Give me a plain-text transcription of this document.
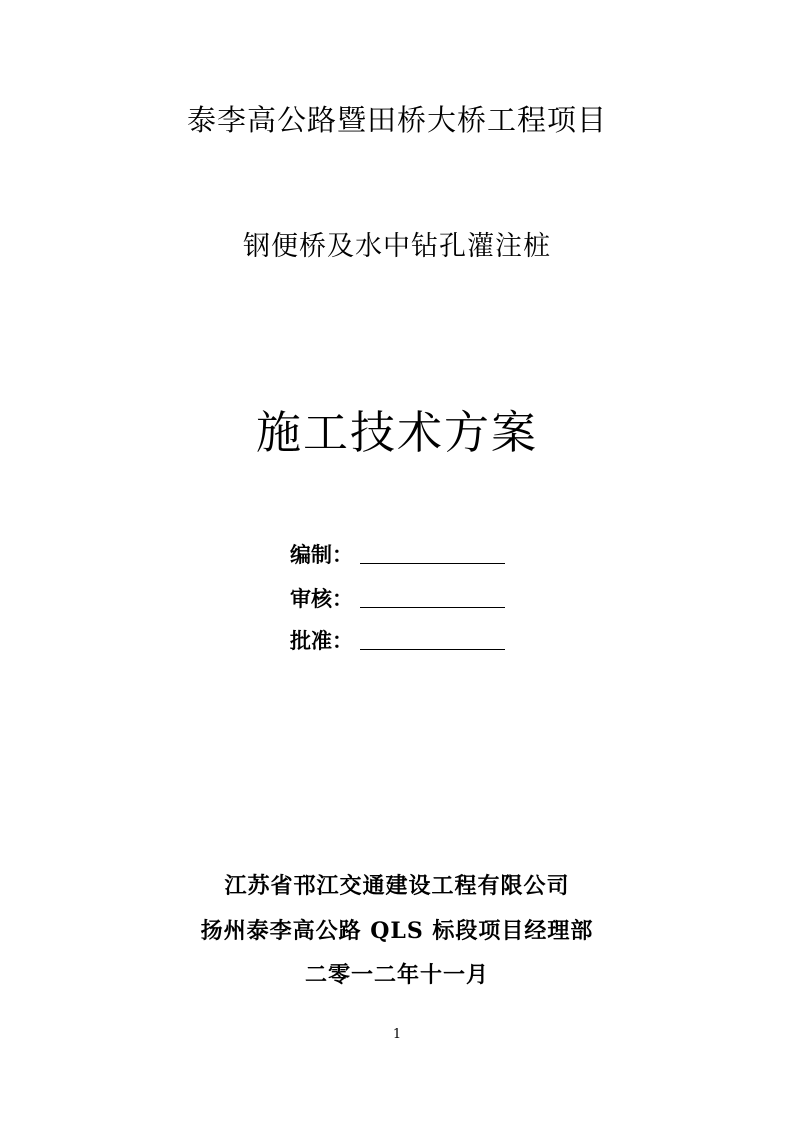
泰李高公路暨田桥大桥工程项目
钢便桥及水中钻孔灌注桩
施工技术方案
编制：
审核：
批准：
江苏省邗江交通建设工程有限公司
扬州泰李高公路 QLS 标段项目经理部
二零一二年十一月
1
